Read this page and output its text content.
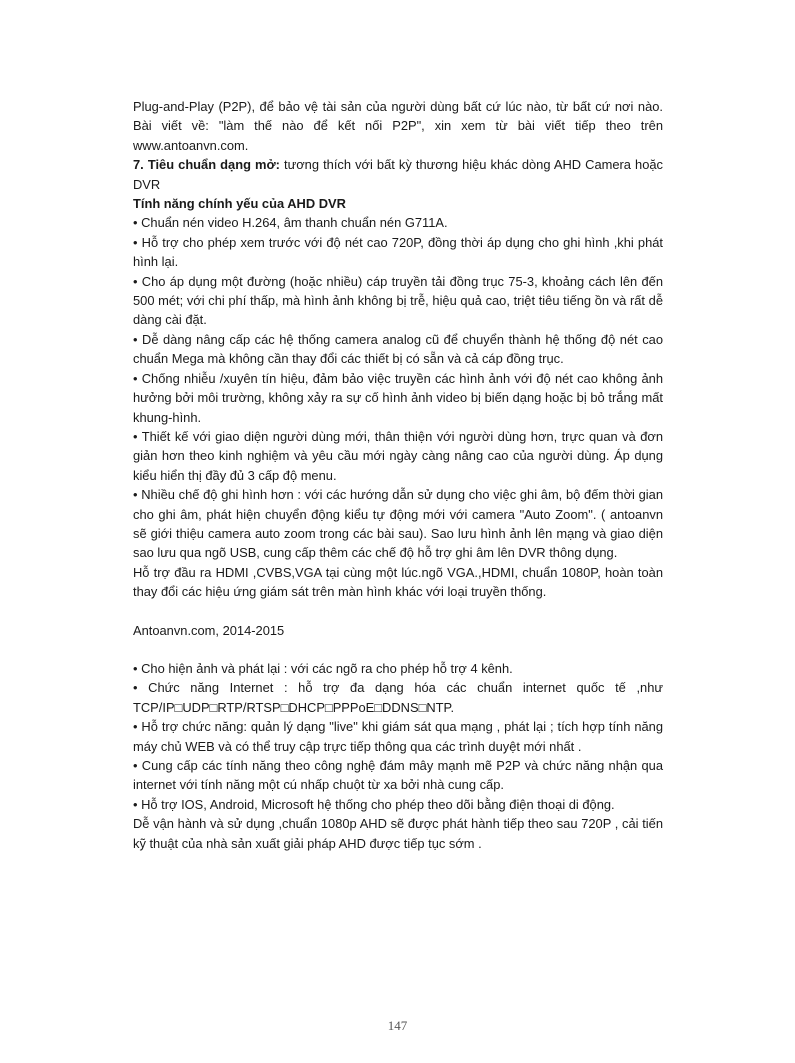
Plug-and-Play (P2P), để bảo vệ tài sản của người dùng bất cứ lúc nào, từ bất cứ nơi nào. Bài viết về: "làm thế nào để kết nối P2P", xin xem từ bài viết tiếp theo trên www.antoanvn.com.

7. Tiêu chuẩn dạng mở: tương thích với bất kỳ thương hiệu khác dòng AHD Camera hoặc DVR

Tính năng chính yếu của AHD DVR

• Chuẩn nén video H.264, âm thanh chuẩn nén G711A.

• Hỗ trợ cho phép xem trước với độ nét cao 720P, đồng thời áp dụng cho ghi hình ,khi phát hình lại.

• Cho áp dụng một đường (hoặc nhiều) cáp truyền tải đồng trục 75-3, khoảng cách lên đến 500 mét; với chi phí thấp, mà hình ảnh không bị trễ, hiệu quả cao, triệt tiêu tiếng ồn và rất dễ dàng cài đặt.

• Dễ dàng nâng cấp các hệ thống camera analog cũ để chuyển thành hệ thống độ nét cao chuẩn Mega mà không cần thay đổi các thiết bị có sẵn và cả cáp đồng trục.

• Chống nhiễu /xuyên tín hiệu, đảm bảo việc truyền các hình ảnh với độ nét cao không ảnh hưởng bởi môi trường, không xảy ra sự cố hình ảnh video bị biến dạng hoặc bị bỏ trắng mất khung-hình.

• Thiết kế với giao diện người dùng mới, thân thiện với người dùng hơn, trực quan và đơn giản hơn theo kinh nghiệm và yêu cầu mới ngày càng nâng cao của người dùng. Áp dụng kiểu hiển thị đầy đủ 3 cấp độ menu.

• Nhiều chế độ ghi hình hơn : với các hướng dẫn sử dụng cho việc ghi âm, bộ đếm thời gian cho ghi âm, phát hiện chuyển động kiểu tự động mới với camera "Auto Zoom". ( antoanvn sẽ giới thiệu camera auto zoom trong các bài sau). Sao lưu hình ảnh lên mạng và giao diện sao lưu qua ngõ USB, cung cấp thêm các chế độ hỗ trợ ghi âm lên DVR thông dụng.

Hỗ trợ đầu ra HDMI ,CVBS,VGA tại cùng một lúc.ngõ VGA.,HDMI, chuẩn 1080P, hoàn toàn thay đổi các hiệu ứng giám sát trên màn hình khác với loại truyền thống.

Antoanvn.com, 2014-2015

• Cho hiện ảnh và phát lại : với các ngõ ra cho phép hỗ trợ 4 kênh.

• Chức năng Internet : hỗ trợ đa dạng hóa các chuẩn internet quốc tế ,như TCP/IP□UDP□RTP/RTSP□DHCP□PPPoE□DDNS□NTP.

• Hỗ trợ chức năng: quản lý dạng "live" khi giám sát qua mạng , phát lại ; tích hợp tính năng máy chủ WEB và có thể truy cập trực tiếp thông qua các trình duyệt mới nhất .

• Cung cấp các tính năng theo công nghệ đám mây mạnh mẽ P2P và chức năng nhận qua internet với tính năng một cú nhấp chuột từ xa bởi nhà cung cấp.

• Hỗ trợ IOS, Android, Microsoft hệ thống cho phép theo dõi bằng điện thoại di động.

Dễ vận hành và sử dụng ,chuẩn 1080p AHD sẽ được phát hành tiếp theo sau 720P , cải tiến kỹ thuật của nhà sản xuất giải pháp AHD được tiếp tục sớm .

147
